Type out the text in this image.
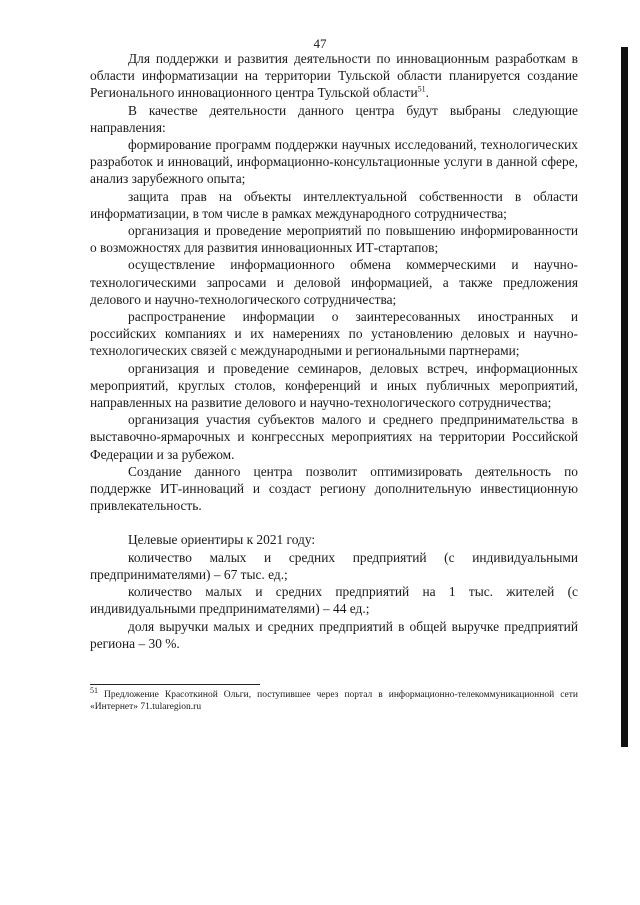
47

Для поддержки и развития деятельности по инновационным разработкам в области информатизации на территории Тульской области планируется создание Регионального инновационного центра Тульской области$^{51}$.

В качестве деятельности данного центра будут выбраны следующие направления:

формирование программ поддержки научных исследований, технологических разработок и инноваций, информационно-консультационные услуги в данной сфере, анализ зарубежного опыта;

защита прав на объекты интеллектуальной собственности в области информатизации, в том числе в рамках международного сотрудничества;

организация и проведение мероприятий по повышению информированности о возможностях для развития инновационных ИТ-стартапов;

осуществление информационного обмена коммерческими и научно-технологическими запросами и деловой информацией, а также предложения делового и научно-технологического сотрудничества;

распространение информации о заинтересованных иностранных и российских компаниях и их намерениях по установлению деловых и научно-технологических связей с международными и региональными партнерами;

организация и проведение семинаров, деловых встреч, информационных мероприятий, круглых столов, конференций и иных публичных мероприятий, направленных на развитие делового и научно-технологического сотрудничества;

организация участия субъектов малого и среднего предпринимательства в выставочно-ярмарочных и конгрессных мероприятиях на территории Российской Федерации и за рубежом.

Создание данного центра позволит оптимизировать деятельность по поддержке ИТ-инноваций и создаст региону дополнительную инвестиционную привлекательность.

Целевые ориентиры к 2021 году:

количество малых и средних предприятий (с индивидуальными предпринимателями) – 67 тыс. ед.;

количество малых и средних предприятий на 1 тыс. жителей (с индивидуальными предпринимателями) – 44 ед.;

доля выручки малых и средних предприятий в общей выручке предприятий региона – 30 %.

$^{51}$ Предложение Красоткиной Ольги, поступившее через портал в информационно-телекоммуникационной сети «Интернет» 71.tularegion.ru
